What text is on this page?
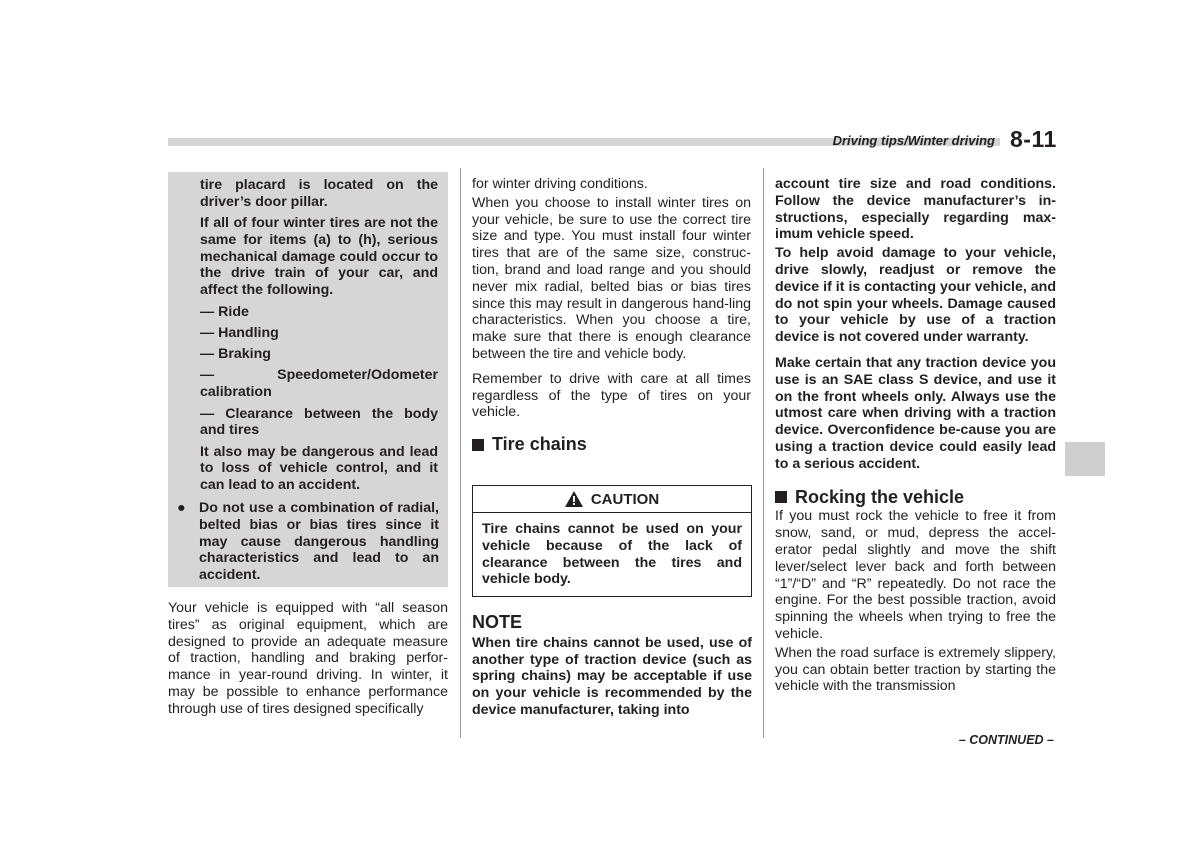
Driving tips/Winter driving 8-11

tire placard is located on the driver’s door pillar.

If all of four winter tires are not the same for items (a) to (h), serious mechanical damage could occur to the drive train of your car, and affect the following.

— Ride

— Handling

— Braking

— Speedometer/Odometer calibration

— Clearance between the body and tires

It also may be dangerous and lead to loss of vehicle control, and it can lead to an accident.

● Do not use a combination of radial, belted bias or bias tires since it may cause dangerous handling characteristics and lead to an accident.

Your vehicle is equipped with “all season tires” as original equipment, which are designed to provide an adequate measure of traction, handling and braking perfor-mance in year-round driving. In winter, it may be possible to enhance performance through use of tires designed specifically

for winter driving conditions.

When you choose to install winter tires on your vehicle, be sure to use the correct tire size and type. You must install four winter tires that are of the same size, construc-tion, brand and load range and you should never mix radial, belted bias or bias tires since this may result in dangerous hand-ling characteristics. When you choose a tire, make sure that there is enough clearance between the tire and vehicle body.

Remember to drive with care at all times regardless of the type of tires on your vehicle.

Tire chains
CAUTION
Tire chains cannot be used on your vehicle because of the lack of clearance between the tires and vehicle body.
NOTE

When tire chains cannot be used, use of another type of traction device (such as spring chains) may be acceptable if use on your vehicle is recommended by the device manufacturer, taking into

account tire size and road conditions. Follow the device manufacturer’s in-structions, especially regarding max-imum vehicle speed.

To help avoid damage to your vehicle, drive slowly, readjust or remove the device if it is contacting your vehicle, and do not spin your wheels. Damage caused to your vehicle by use of a traction device is not covered under warranty.

Make certain that any traction device you use is an SAE class S device, and use it on the front wheels only. Always use the utmost care when driving with a traction device. Overconfidence be-cause you are using a traction device could easily lead to a serious accident.

Rocking the vehicle

If you must rock the vehicle to free it from snow, sand, or mud, depress the accel-erator pedal slightly and move the shift lever/select lever back and forth between “1”/“D” and “R” repeatedly. Do not race the engine. For the best possible traction, avoid spinning the wheels when trying to free the vehicle.

When the road surface is extremely slippery, you can obtain better traction by starting the vehicle with the transmission

– CONTINUED –
